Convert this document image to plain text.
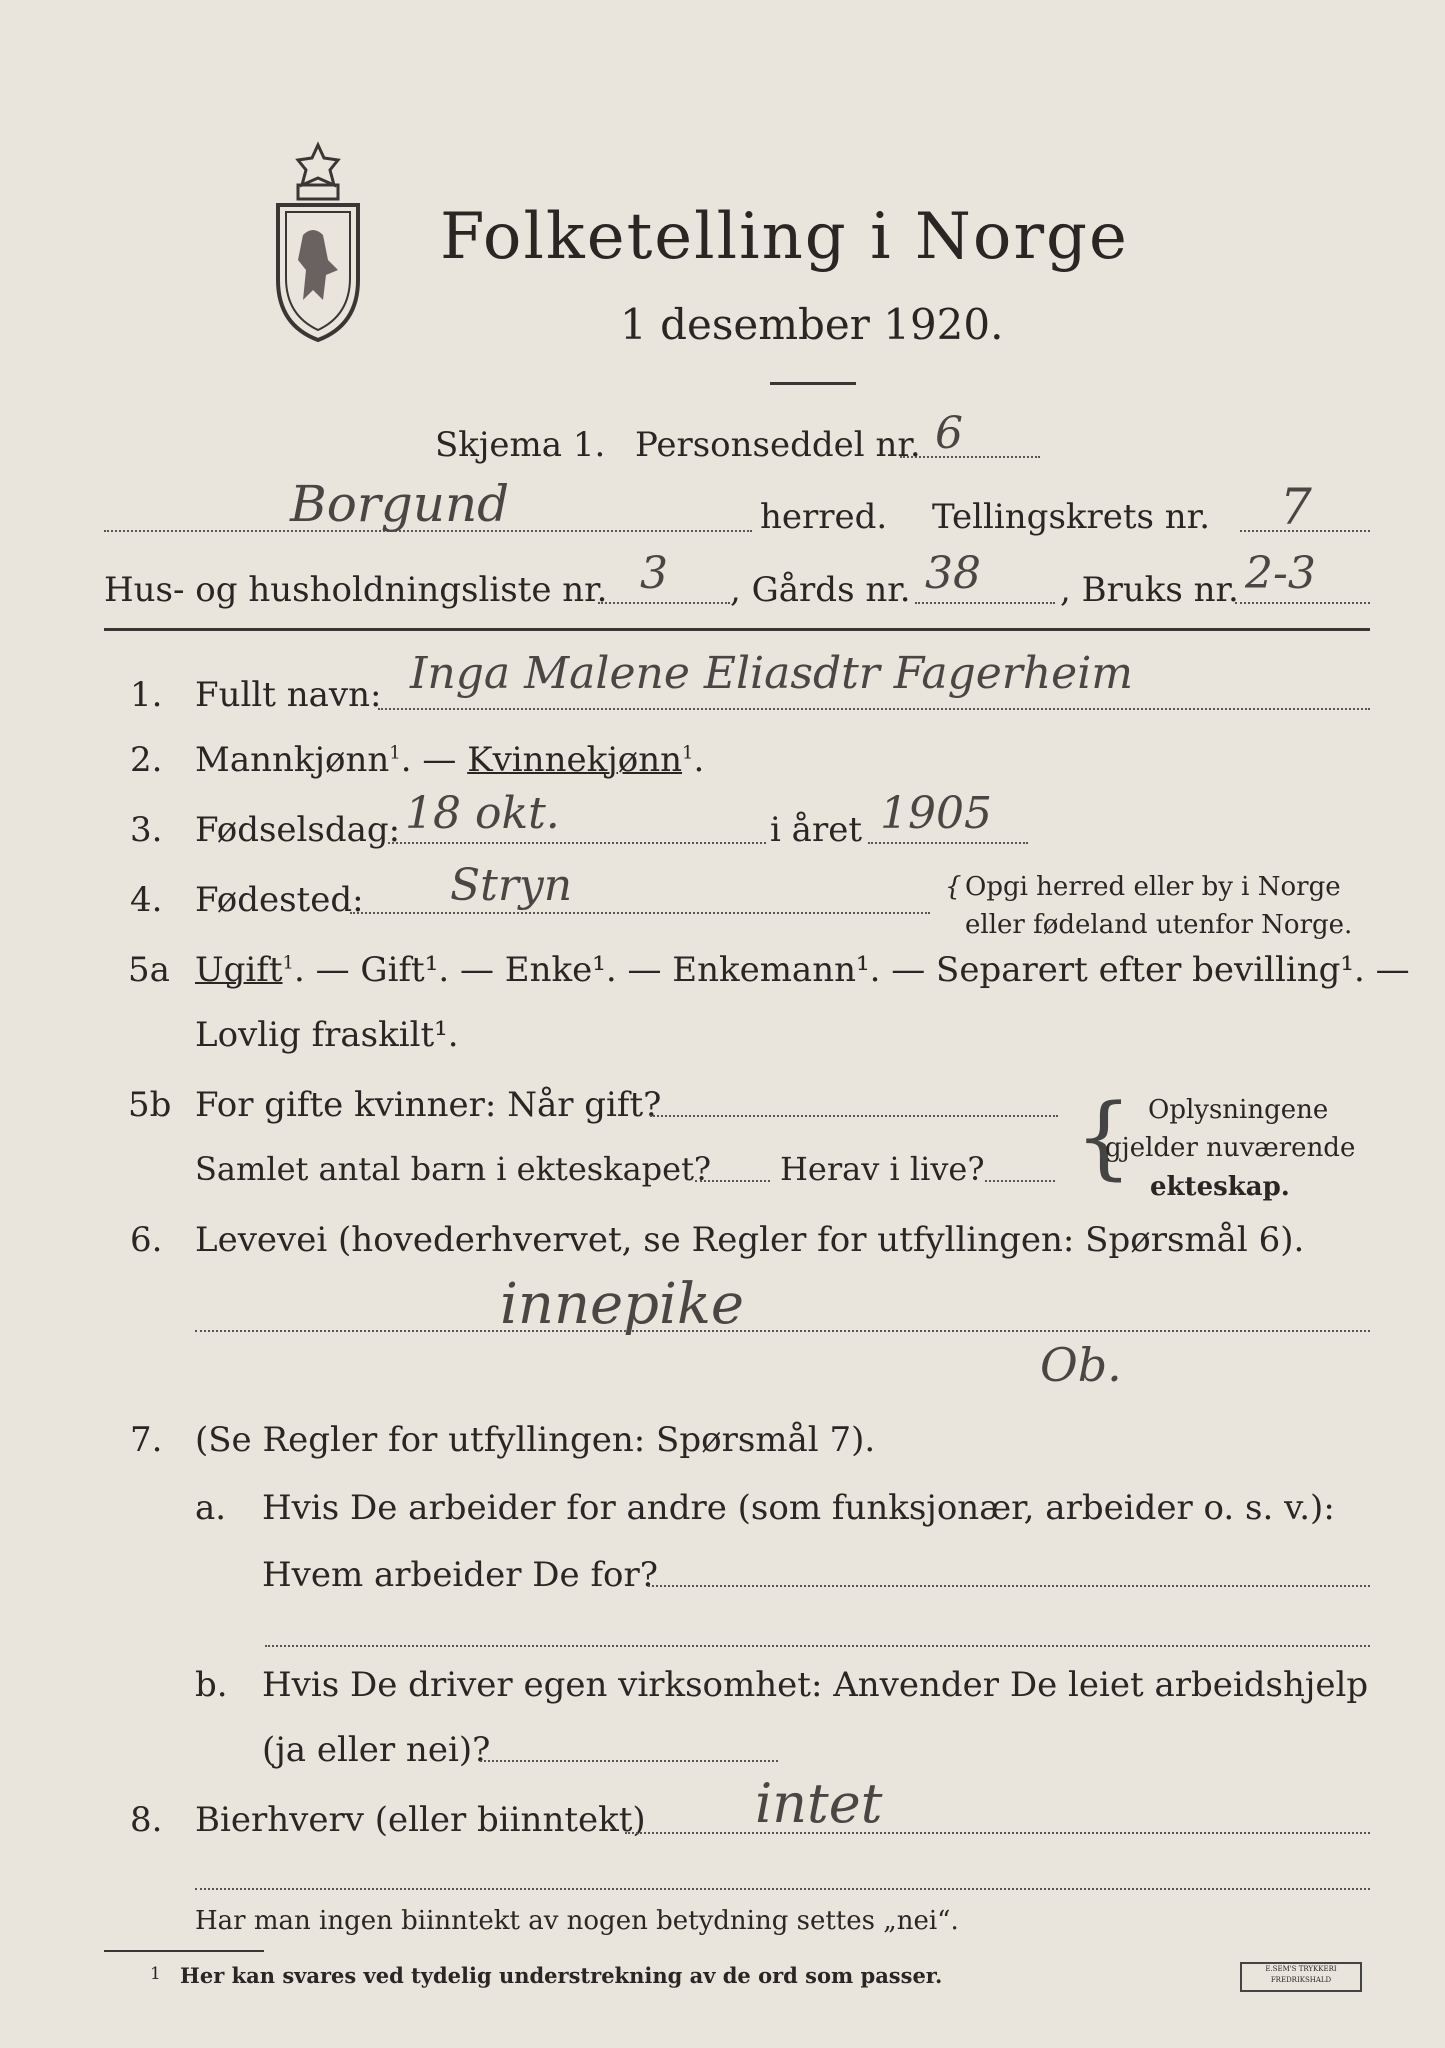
Folketelling i Norge
1 desember 1920.
Skjema 1. Personseddel nr. 6
Borgund	herred. Tellingskrets nr. 7
Hus- og husholdningsliste nr. 3 , Gårds nr. 38 , Bruks nr. 2-3
1. Fullt navn: Inga Malene Eliasdtr Fagerheim
2. Mannkjønn$^1$. — Kvinnekjønn$^1$.
3. Fødselsdag: 18 okt.	i året 1905
4. Fødested: Stryn	{ Opgi herred eller by i Norge
eller fødeland utenfor Norge.
5a Ugift$^1$. — Gift¹. — Enke¹. — Enkemann¹. — Separert efter bevilling¹. —
Lovlig fraskilt¹.
5b For gifte kvinner: Når gift?
Samlet antal barn i ekteskapet? Herav i live? { Oplysningene
gjelder nuværende
ekteskap.
6. Levevei (hovederhvervet, se Regler for utfyllingen: Spørsmål 6).
innepike
Ob.
7. (Se Regler for utfyllingen: Spørsmål 7).
a. Hvis De arbeider for andre (som funksjonær, arbeider o. s. v.):
Hvem arbeider De for?
b. Hvis De driver egen virksomhet: Anvender De leiet arbeidshjelp
(ja eller nei)?
8. Bierhverv (eller biinntekt) intet
Har man ingen biinntekt av nogen betydning settes „nei“.
1 Her kan svares ved tydelig understrekning av de ord som passer.	E.SEM'S TRYKKERI FREDRIKSHALD
